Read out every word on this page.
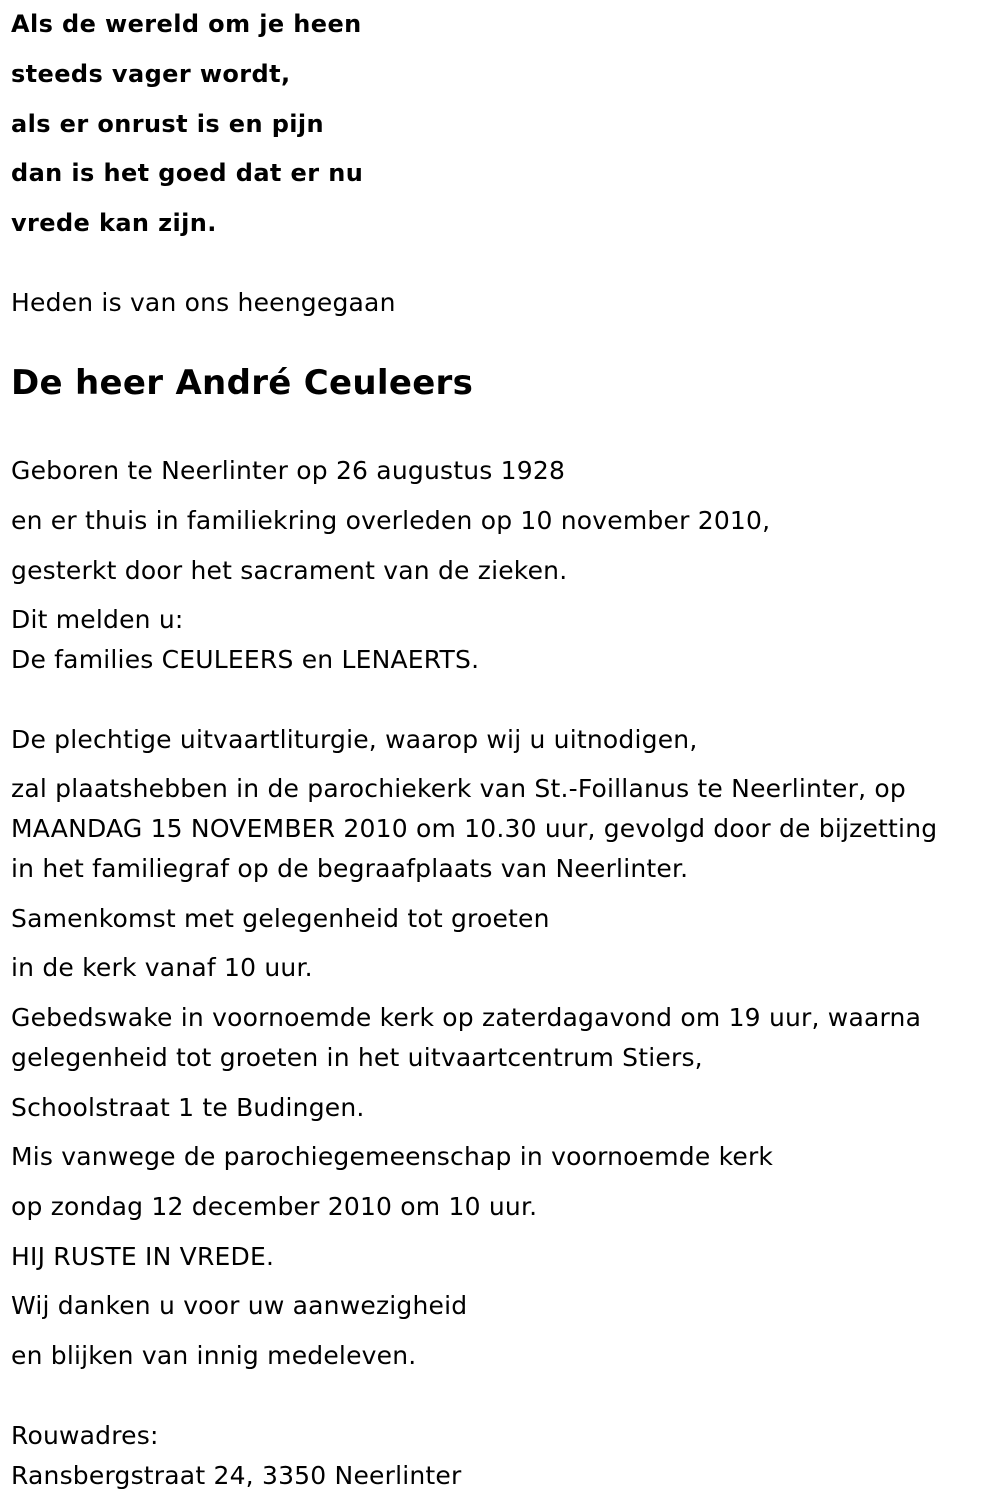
Als de wereld om je heen

steeds vager wordt,

als er onrust is en pijn

dan is het goed dat er nu

vrede kan zijn.

Heden is van ons heengegaan

De heer André Ceuleers

Geboren te Neerlinter op 26 augustus 1928

en er thuis in familiekring overleden op 10 november 2010,

gesterkt door het sacrament van de zieken.

Dit melden u:

De families CEULEERS en LENAERTS.

De plechtige uitvaartliturgie, waarop wij u uitnodigen,

zal plaatshebben in de parochiekerk van St.-Foillanus te Neerlinter, op

MAANDAG 15 NOVEMBER 2010 om 10.30 uur, gevolgd door de bijzetting

in het familiegraf op de begraafplaats van Neerlinter.

Samenkomst met gelegenheid tot groeten

in de kerk vanaf 10 uur.

Gebedswake in voornoemde kerk op zaterdagavond om 19 uur, waarna

gelegenheid tot groeten in het uitvaartcentrum Stiers,

Schoolstraat 1 te Budingen.

Mis vanwege de parochiegemeenschap in voornoemde kerk

op zondag 12 december 2010 om 10 uur.

HIJ RUSTE IN VREDE.

Wij danken u voor uw aanwezigheid

en blijken van innig medeleven.

Rouwadres:

Ransbergstraat 24, 3350 Neerlinter
